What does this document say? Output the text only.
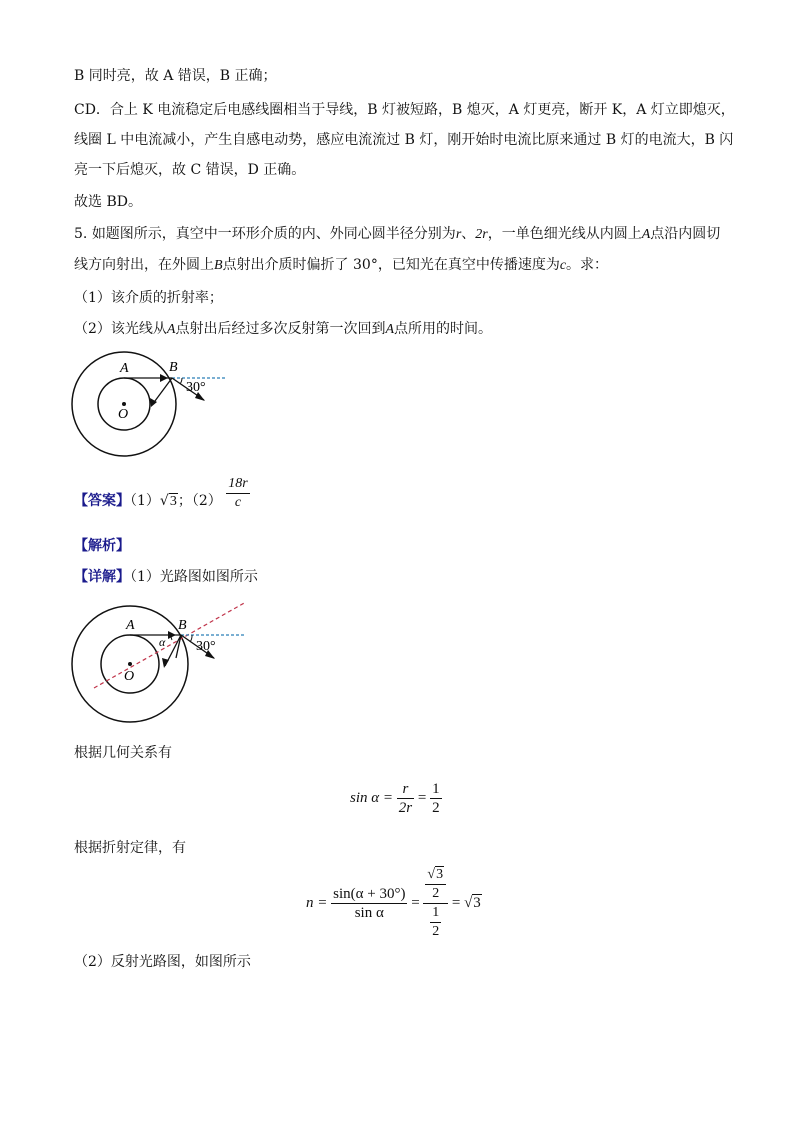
B 同时亮，故 A 错误，B 正确；
CD．合上 K 电流稳定后电感线圈相当于导线，B 灯被短路，B 熄灭，A 灯更亮，断开 K，A 灯立即熄灭，
线圈 L 中电流减小，产生自感电动势，感应电流流过 B 灯，刚开始时电流比原来通过 B 灯的电流大，B 闪
亮一下后熄灭，故 C 错误，D 正确。
故选 BD。
5. 如题图所示，真空中一环形介质的内、外同心圆半径分别为r、2r，一单色细光线从内圆上A点沿内圆切
线方向射出，在外圆上B点射出介质时偏折了 30°，已知光在真空中传播速度为c。求：
（1）该介质的折射率；
（2）该光线从A点射出后经过多次反射第一次回到A点所用的时间。
A	B
O
30°
【答案】（1）√3；$(2) \frac{18r}{c}$
【解析】
【详解】（1）光路图如图所示
A	B
O
α 30°
根据几何关系有
$\sin \alpha = \frac{r}{2r} = \frac{1}{2}$
根据折射定律，有
$n = \frac{\sin(\alpha + 30^\circ)}{\text{sin α}} = \frac{\frac{√3}{2}}{\frac{1}{2}} = √3$
（2）反射光路图，如图所示
